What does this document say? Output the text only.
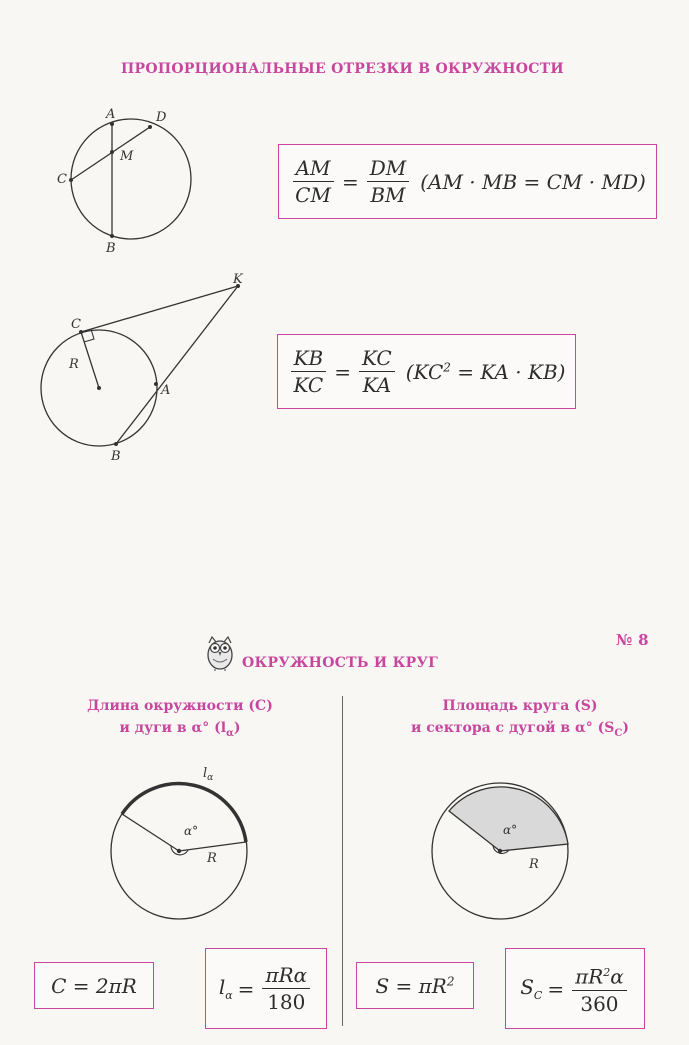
ПРОПОРЦИОНАЛЬНЫЕ ОТРЕЗКИ В ОКРУЖНОСТИ
A	D
M
C
B
$\frac{AM}{CM} = \frac{DM}{BM} (AM$ · MB = CM · MD)
K
C
R
A
B
$\frac{KB}{KC} = \frac{KC}{KA} (KC^2$ = KA · KB)
№ 8
ОКРУЖНОСТЬ И КРУГ
Длина окружности (C)
и дуги в α° $(l_\alpha)$
Площадь круга (S)
и сектора с дугой в α° $(S_C)$
$l_\alpha$
α°
R
α°
R
C = 2πR	$l_\alpha = \frac{\text{πRα}}{180}$	$S = \pi R^2$	$S_C = \frac{\pi R^2\alpha}{360}$
